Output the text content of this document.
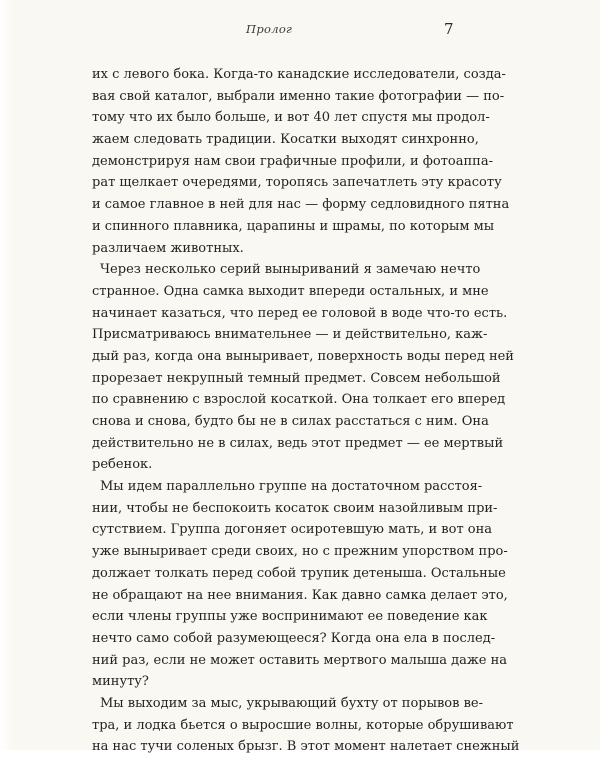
Пролог	7
их с левого бока. Когда-то канадские исследователи, созда-
вая свой каталог, выбрали именно такие фотографии — по-
тому что их было больше, и вот 40 лет спустя мы продол-
жаем следовать традиции. Косатки выходят синхронно,
демонстрируя нам свои графичные профили, и фотоаппа-
рат щелкает очередями, торопясь запечатлеть эту красоту
и самое главное в ней для нас — форму седловидного пятна
и спинного плавника, царапины и шрамы, по которым мы
различаем животных.
Через несколько серий выныриваний я замечаю нечто
странное. Одна самка выходит впереди остальных, и мне
начинает казаться, что перед ее головой в воде что-то есть.
Присматриваюсь внимательнее — и действительно, каж-
дый раз, когда она выныривает, поверхность воды перед ней
прорезает некрупный темный предмет. Совсем небольшой
по сравнению с взрослой косаткой. Она толкает его вперед
снова и снова, будто бы не в силах расстаться с ним. Она
действительно не в силах, ведь этот предмет — ее мертвый
ребенок.
Мы идем параллельно группе на достаточном расстоя-
нии, чтобы не беспокоить косаток своим назойливым при-
сутствием. Группа догоняет осиротевшую мать, и вот она
уже выныривает среди своих, но с прежним упорством про-
должает толкать перед собой трупик детеныша. Остальные
не обращают на нее внимания. Как давно самка делает это,
если члены группы уже воспринимают ее поведение как
нечто само собой разумеющееся? Когда она ела в послед-
ний раз, если не может оставить мертвого малыша даже на
минуту?
Мы выходим за мыс, укрывающий бухту от порывов ве-
тра, и лодка бьется о выросшие волны, которые обрушивают
на нас тучи соленых брызг. В этот момент налетает снежный
